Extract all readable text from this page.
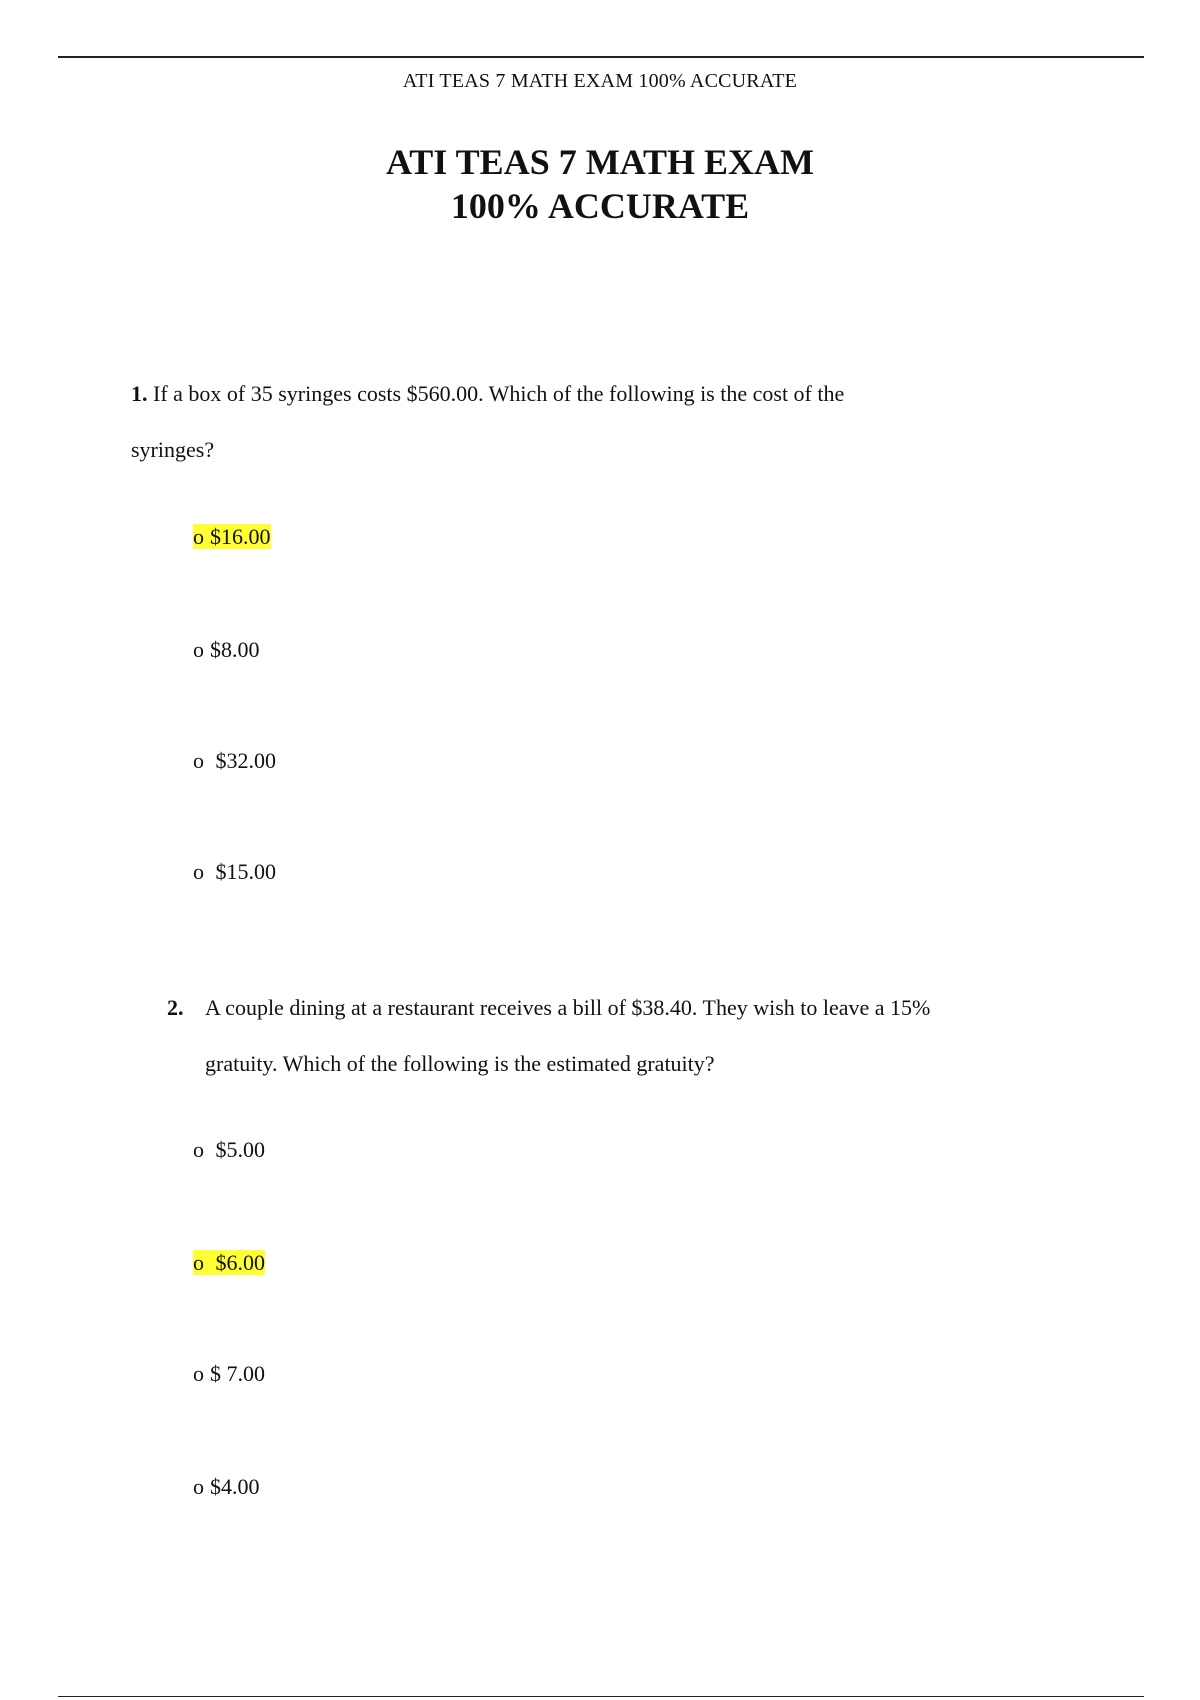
ATI TEAS 7 MATH EXAM 100% ACCURATE
ATI TEAS 7 MATH EXAM
100% ACCURATE
1. If a box of 35 syringes costs $560.00. Which of the following is the cost of the
syringes?

o $16.00

o $8.00

o $32.00

o $15.00

2. A couple dining at a restaurant receives a bill of $38.40. They wish to leave a 15%
gratuity. Which of the following is the estimated gratuity?

o $5.00

o $6.00

o $ 7.00

o $4.00
